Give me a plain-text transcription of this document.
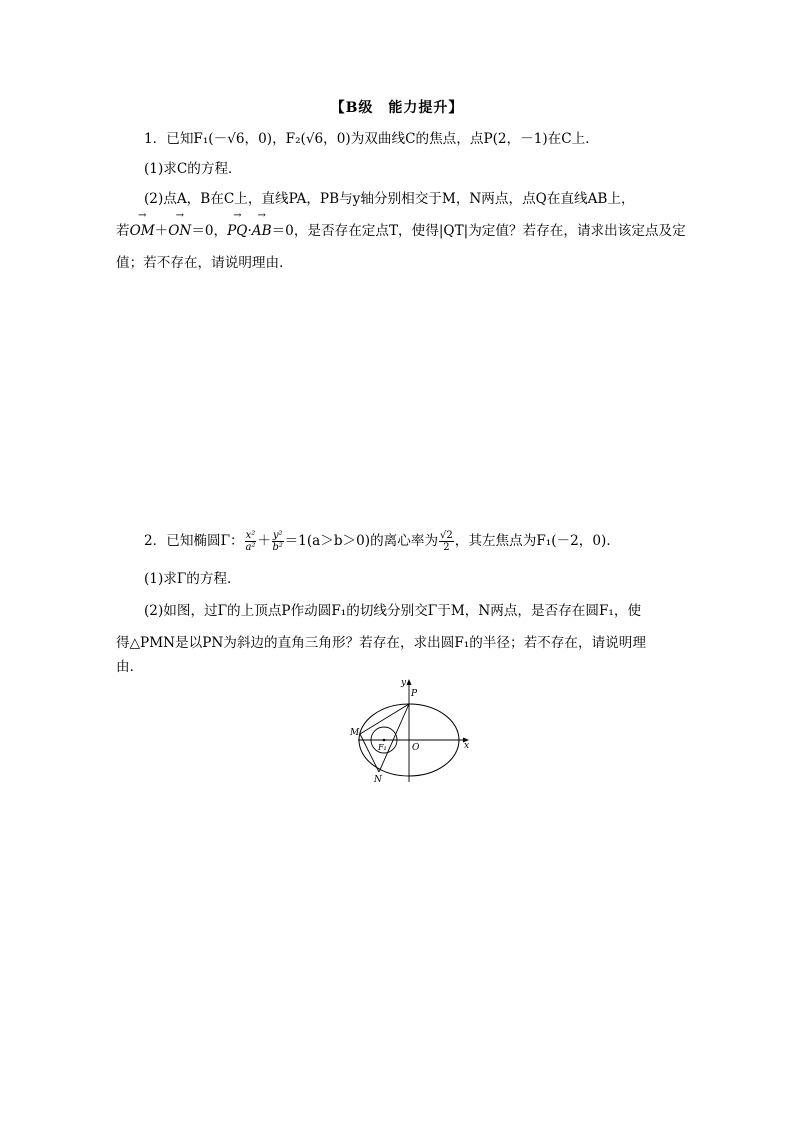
【B级　能力提升】
1．已知F₁(－√6，0)，F₂(√6，0)为双曲线C的焦点，点P(2，－1)在C上．
(1)求C的方程．
(2)点A，B在C上，直线PA，PB与y轴分别相交于M，N两点，点Q在直线AB上，
若→ OM＋→ ON＝0，→ PQ·→ AB＝0，是否存在定点T，使得|QT|为定值？若存在，请求出该定点及定
值；若不存在，请说明理由．
2．已知椭圆Γ： $\frac{\text{x²}}{\text{a²}} + \frac{\text{y²}}{\text{b²}} =1(a>b>0)$的离心率为 $\frac{√2}{2}$ ，其左焦点为F₁(－2，0)．
(1)求Γ的方程．
(2)如图，过Γ的上顶点P作动圆F₁的切线分别交Γ于M，N两点，是否存在圆F₁，使
得△PMN是以PN为斜边的直角三角形？若存在，求出圆F₁的半径；若不存在，请说明理
由．
y
x
P
M
N
O
F₁
